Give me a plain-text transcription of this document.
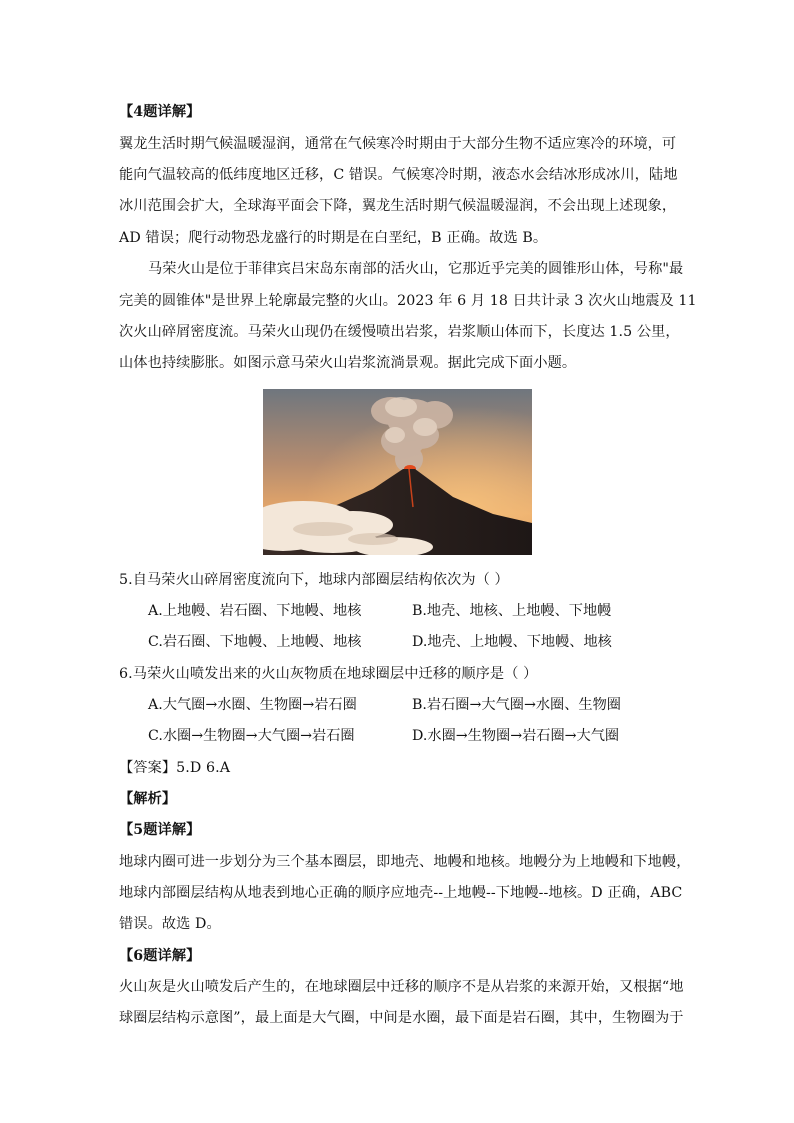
【4题详解】
翼龙生活时期气候温暖湿润，通常在气候寒冷时期由于大部分生物不适应寒冷的环境，可
能向气温较高的低纬度地区迁移，C 错误。气候寒冷时期，液态水会结冰形成冰川，陆地
冰川范围会扩大，全球海平面会下降，翼龙生活时期气候温暖湿润，不会出现上述现象，
AD 错误；爬行动物恐龙盛行的时期是在白垩纪，B 正确。故选 B。
马荣火山是位于菲律宾吕宋岛东南部的活火山，它那近乎完美的圆锥形山体，号称"最
完美的圆锥体"是世界上轮廓最完整的火山。2023 年 6 月 18 日共计录 3 次火山地震及 11
次火山碎屑密度流。马荣火山现仍在缓慢喷出岩浆，岩浆顺山体而下，长度达 1.5 公里，
山体也持续膨胀。如图示意马荣火山岩浆流淌景观。据此完成下面小题。
5.自马荣火山碎屑密度流向下，地球内部圈层结构依次为（ ）
A.上地幔、岩石圈、下地幔、地核	B.地壳、地核、上地幔、下地幔
C.岩石圈、下地幔、上地幔、地核	D.地壳、上地幔、下地幔、地核
6.马荣火山喷发出来的火山灰物质在地球圈层中迁移的顺序是（ ）
A.大气圈→水圈、生物圈→岩石圈	B.岩石圈→大气圈→水圈、生物圈
C.水圈→生物圈→大气圈→岩石圈	D.水圈→生物圈→岩石圈→大气圈
【答案】5.D 6.A
【解析】
【5题详解】
地球内圈可进一步划分为三个基本圈层，即地壳、地幔和地核。地幔分为上地幔和下地幔，
地球内部圈层结构从地表到地心正确的顺序应地壳--上地幔--下地幔--地核。D 正确，ABC
错误。故选 D。
【6题详解】
火山灰是火山喷发后产生的，在地球圈层中迁移的顺序不是从岩浆的来源开始，又根据“地
球圈层结构示意图”，最上面是大气圈，中间是水圈，最下面是岩石圈，其中，生物圈为于
